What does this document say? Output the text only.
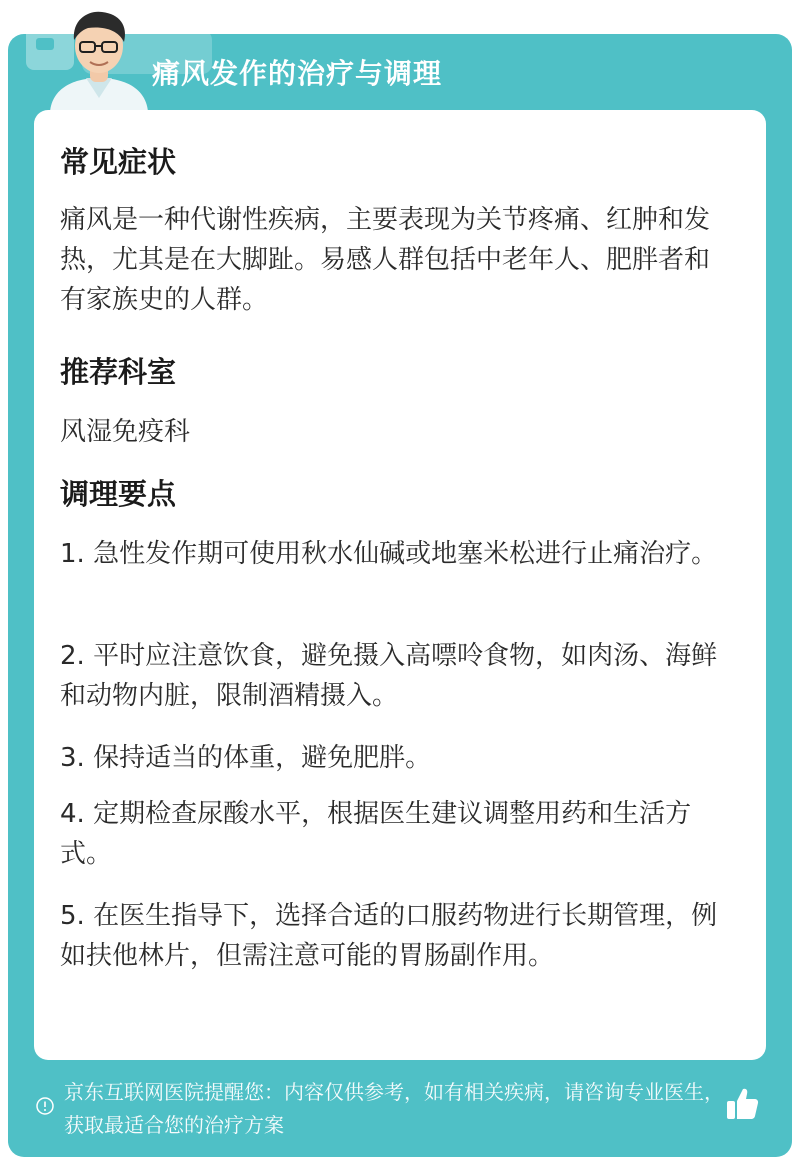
痛风发作的治疗与调理
常见症状
痛风是一种代谢性疾病，主要表现为关节疼痛、红肿和发热，尤其是在大脚趾。易感人群包括中老年人、肥胖者和有家族史的人群。
推荐科室
风湿免疫科
调理要点
1. 急性发作期可使用秋水仙碱或地塞米松进行止痛治疗。
2. 平时应注意饮食，避免摄入高嘌呤食物，如肉汤、海鲜和动物内脏，限制酒精摄入。
3. 保持适当的体重，避免肥胖。
4. 定期检查尿酸水平，根据医生建议调整用药和生活方式。
5. 在医生指导下，选择合适的口服药物进行长期管理，例如扶他林片，但需注意可能的胃肠副作用。
京东互联网医院提醒您：内容仅供参考，如有相关疾病，请咨询专业医生，获取最适合您的治疗方案
